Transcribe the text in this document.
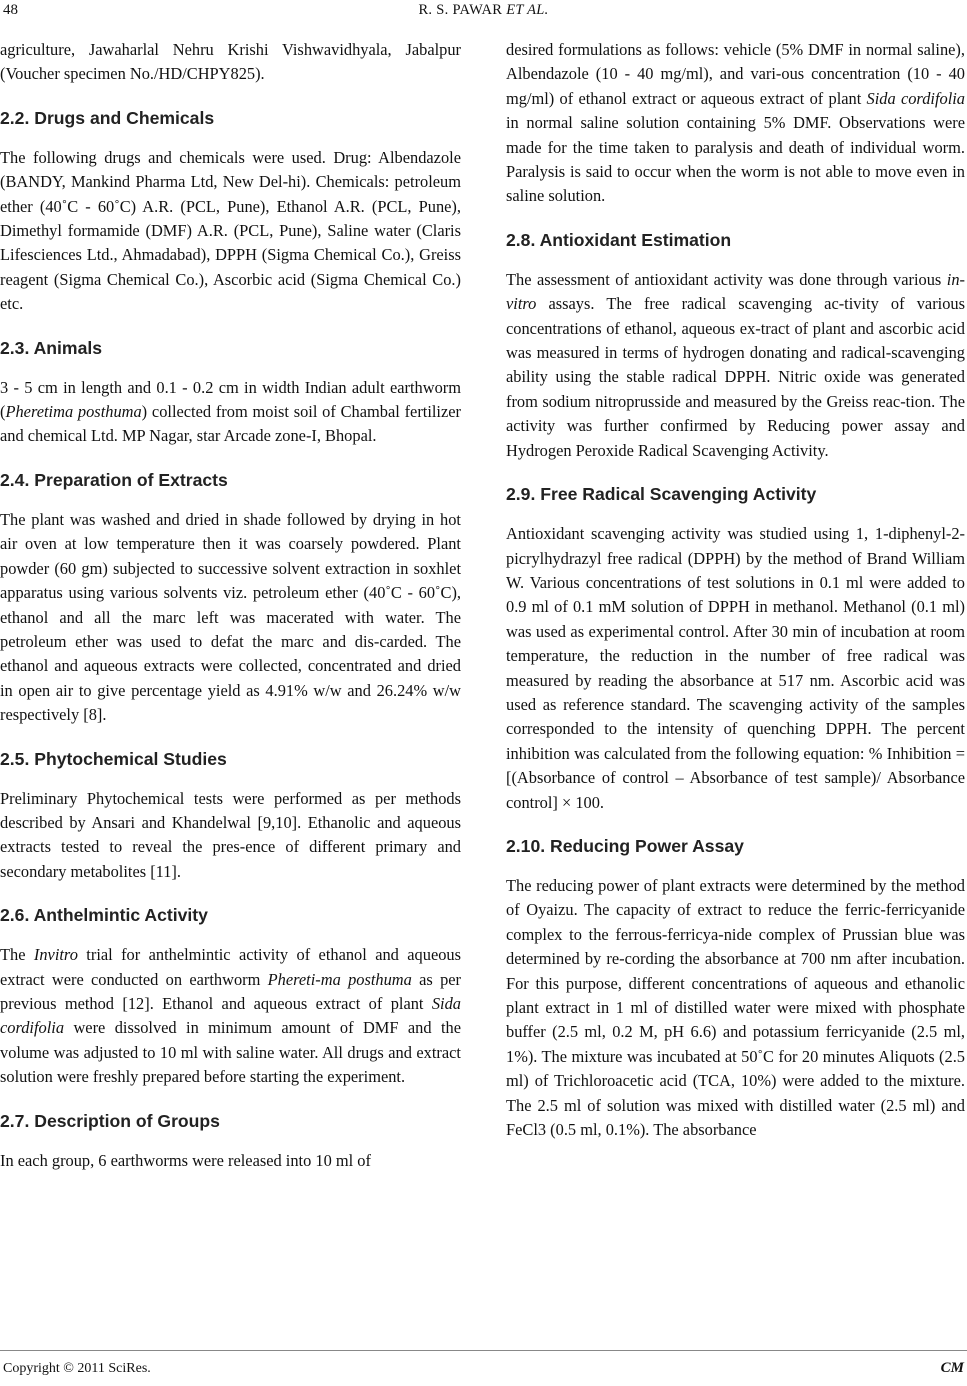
48	R. S. PAWAR ET AL.

agriculture, Jawaharlal Nehru Krishi Vishwavidhyala, Jabalpur (Voucher specimen No./HD/CHPY825).

2.2. Drugs and Chemicals

The following drugs and chemicals were used. Drug: Albendazole (BANDY, Mankind Pharma Ltd, New Del-hi). Chemicals: petroleum ether (40˚C - 60˚C) A.R. (PCL, Pune), Ethanol A.R. (PCL, Pune), Dimethyl formamide (DMF) A.R. (PCL, Pune), Saline water (Claris Lifesciences Ltd., Ahmadabad), DPPH (Sigma Chemical Co.), Greiss reagent (Sigma Chemical Co.), Ascorbic acid (Sigma Chemical Co.) etc.

2.3. Animals

3 - 5 cm in length and 0.1 - 0.2 cm in width Indian adult earthworm (Pheretima posthuma) collected from moist soil of Chambal fertilizer and chemical Ltd. MP Nagar, star Arcade zone-I, Bhopal.

2.4. Preparation of Extracts

The plant was washed and dried in shade followed by drying in hot air oven at low temperature then it was coarsely powdered. Plant powder (60 gm) subjected to successive solvent extraction in soxhlet apparatus using various solvents viz. petroleum ether (40˚C - 60˚C), ethanol and all the marc left was macerated with water. The petroleum ether was used to defat the marc and dis-carded. The ethanol and aqueous extracts were collected, concentrated and dried in open air to give percentage yield as 4.91% w/w and 26.24% w/w respectively [8].

2.5. Phytochemical Studies

Preliminary Phytochemical tests were performed as per methods described by Ansari and Khandelwal [9,10]. Ethanolic and aqueous extracts tested to reveal the pres-ence of different primary and secondary metabolites [11].

2.6. Anthelmintic Activity

The Invitro trial for anthelmintic activity of ethanol and aqueous extract were conducted on earthworm Phereti-ma posthuma as per previous method [12]. Ethanol and aqueous extract of plant Sida cordifolia were dissolved in minimum amount of DMF and the volume was adjusted to 10 ml with saline water. All drugs and extract solution were freshly prepared before starting the experiment.

2.7. Description of Groups

In each group, 6 earthworms were released into 10 ml of

desired formulations as follows: vehicle (5% DMF in normal saline), Albendazole (10 - 40 mg/ml), and vari-ous concentration (10 - 40 mg/ml) of ethanol extract or aqueous extract of plant Sida cordifolia in normal saline solution containing 5% DMF. Observations were made for the time taken to paralysis and death of individual worm. Paralysis is said to occur when the worm is not able to move even in saline solution.

2.8. Antioxidant Estimation

The assessment of antioxidant activity was done through various in-vitro assays. The free radical scavenging ac-tivity of various concentrations of ethanol, aqueous ex-tract of plant and ascorbic acid was measured in terms of hydrogen donating and radical-scavenging ability using the stable radical DPPH. Nitric oxide was generated from sodium nitroprusside and measured by the Greiss reac-tion. The activity was further confirmed by Reducing power assay and Hydrogen Peroxide Radical Scavenging Activity.

2.9. Free Radical Scavenging Activity

Antioxidant scavenging activity was studied using 1, 1-diphenyl-2-picrylhydrazyl free radical (DPPH) by the method of Brand William W. Various concentrations of test solutions in 0.1 ml were added to 0.9 ml of 0.1 mM solution of DPPH in methanol. Methanol (0.1 ml) was used as experimental control. After 30 min of incubation at room temperature, the reduction in the number of free radical was measured by reading the absorbance at 517 nm. Ascorbic acid was used as reference standard. The scavenging activity of the samples corresponded to the intensity of quenching DPPH. The percent inhibition was calculated from the following equation: % Inhibition = [(Absorbance of control – Absorbance of test sample)/ Absorbance control] × 100.

2.10. Reducing Power Assay

The reducing power of plant extracts were determined by the method of Oyaizu. The capacity of extract to reduce the ferric-ferricyanide complex to the ferrous-ferricya-nide complex of Prussian blue was determined by re-cording the absorbance at 700 nm after incubation. For this purpose, different concentrations of aqueous and ethanolic plant extract in 1 ml of distilled water were mixed with phosphate buffer (2.5 ml, 0.2 M, pH 6.6) and potassium ferricyanide (2.5 ml, 1%). The mixture was incubated at 50˚C for 20 minutes Aliquots (2.5 ml) of Trichloroacetic acid (TCA, 10%) were added to the mixture. The 2.5 ml of solution was mixed with distilled water (2.5 ml) and FeCl3 (0.5 ml, 0.1%). The absorbance

Copyright © 2011 SciRes.	CM
